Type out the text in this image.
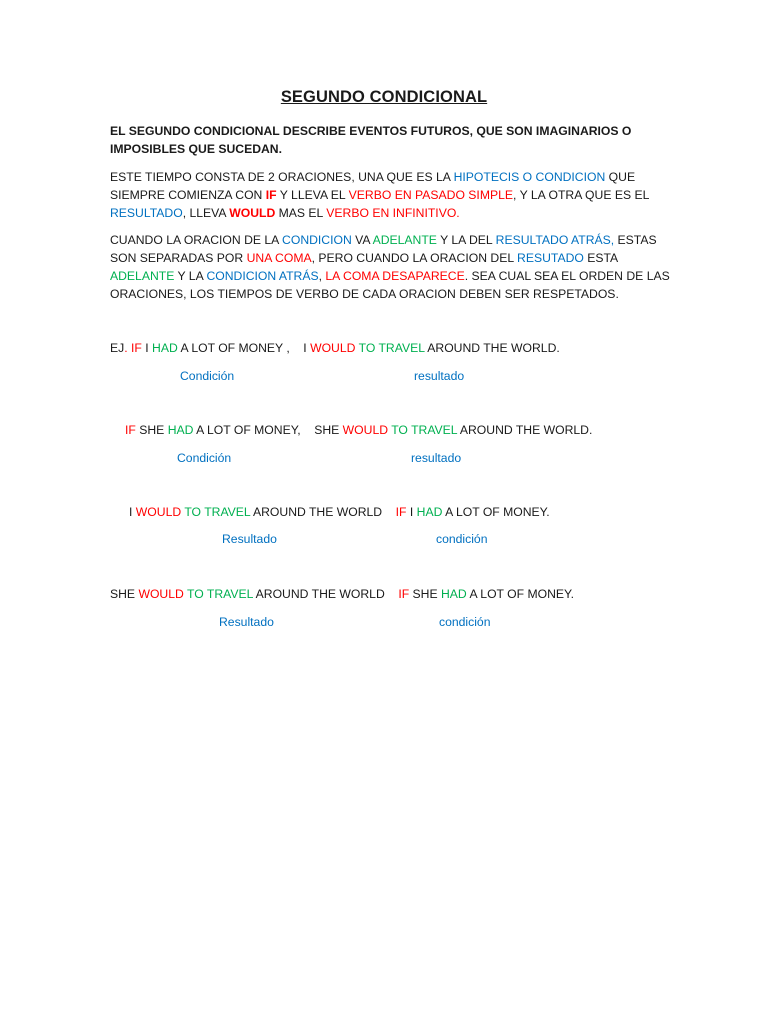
SEGUNDO CONDICIONAL
EL SEGUNDO CONDICIONAL DESCRIBE EVENTOS FUTUROS, QUE SON IMAGINARIOS O IMPOSIBLES QUE SUCEDAN.
ESTE TIEMPO CONSTA DE 2 ORACIONES, UNA QUE ES LA HIPOTECIS O CONDICION QUE SIEMPRE COMIENZA CON IF Y LLEVA EL VERBO EN PASADO SIMPLE, Y LA OTRA QUE ES EL RESULTADO, LLEVA WOULD MAS EL VERBO EN INFINITIVO.
CUANDO LA ORACION DE LA CONDICION VA ADELANTE Y LA DEL RESULTADO ATRÁS, ESTAS SON SEPARADAS POR UNA COMA, PERO CUANDO LA ORACION DEL RESUTADO ESTA ADELANTE Y LA CONDICION ATRÁS, LA COMA DESAPARECE. SEA CUAL SEA EL ORDEN DE LAS ORACIONES, LOS TIEMPOS DE VERBO DE CADA ORACION DEBEN SER RESPETADOS.
EJ. IF I HAD A LOT OF MONEY ,    I WOULD TO TRAVEL AROUND THE WORLD.
Condición	resultado
IF SHE HAD A LOT OF MONEY,    SHE WOULD TO TRAVEL AROUND THE WORLD.
Condición	resultado
I WOULD TO TRAVEL AROUND THE WORLD    IF I HAD A LOT OF MONEY.
Resultado	condición
SHE WOULD TO TRAVEL AROUND THE WORLD    IF SHE HAD A LOT OF MONEY.
Resultado	condición
